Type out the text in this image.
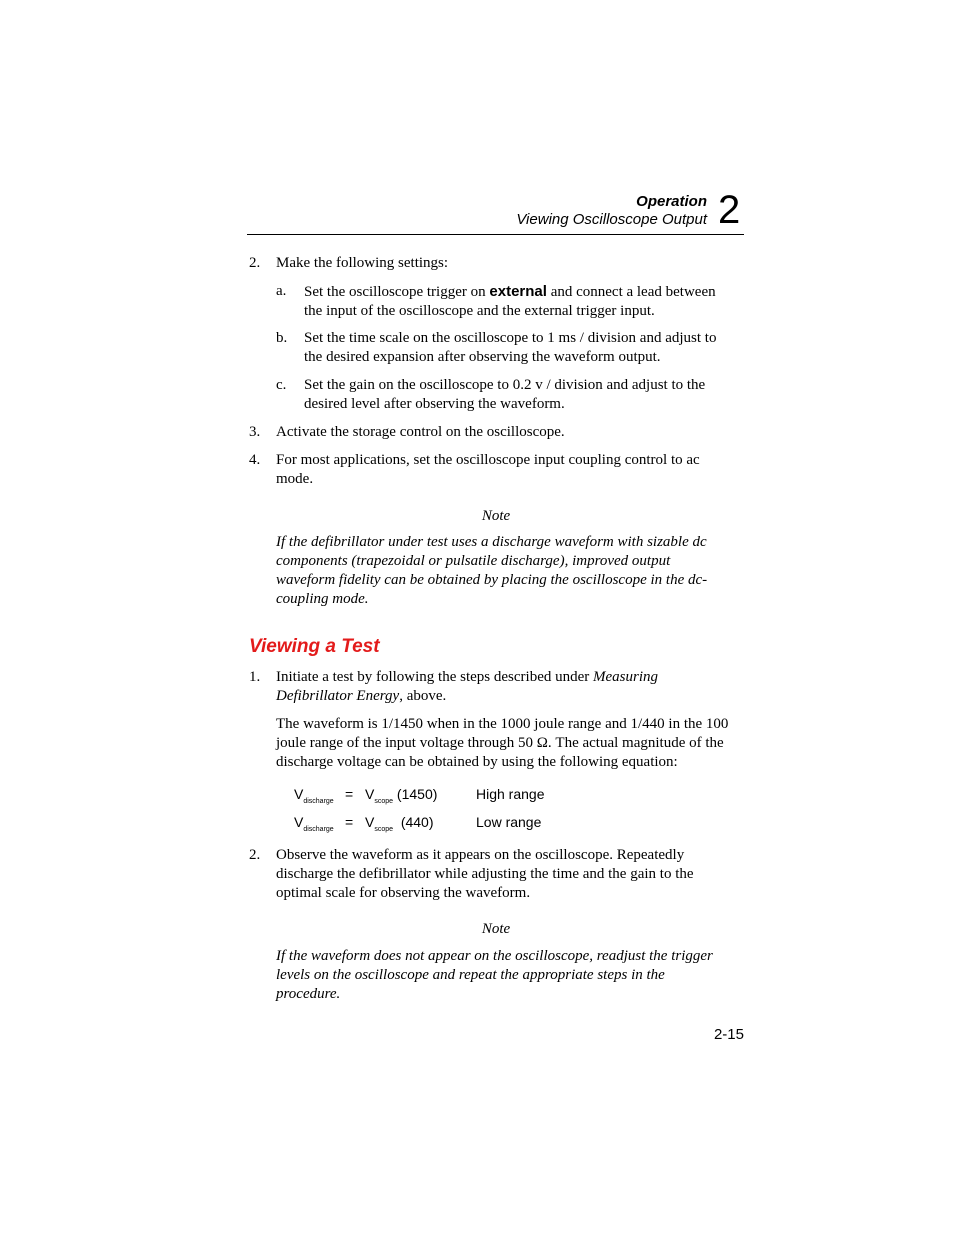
Operation
Viewing Oscilloscope Output 2
2.	Make the following settings:
a.	Set the oscilloscope trigger on external and connect a lead between the input of the oscilloscope and the external trigger input.
b.	Set the time scale on the oscilloscope to 1 ms / division and adjust to the desired expansion after observing the waveform output.
c.	Set the gain on the oscilloscope to 0.2 v / division and adjust to the desired level after observing the waveform.
3.	Activate the storage control on the oscilloscope.
4.	For most applications, set the oscilloscope input coupling control to ac mode.
Note
If the defibrillator under test uses a discharge waveform with sizable dc components (trapezoidal or pulsatile discharge), improved output waveform fidelity can be obtained by placing the oscilloscope in the dc-coupling mode.
Viewing a Test
1.	Initiate a test by following the steps described under Measuring Defibrillator Energy, above.
The waveform is 1/1450 when in the 1000 joule range and 1/440 in the 100 joule range of the input voltage through 50 Ω. The actual magnitude of the discharge voltage can be obtained by using the following equation:
$V_{discharge} = V_{scope}$ (1450)	High range
$V_{discharge} = V_{scope}$ (440)	Low range
2.	Observe the waveform as it appears on the oscilloscope. Repeatedly discharge the defibrillator while adjusting the time and the gain to the optimal scale for observing the waveform.
Note
If the waveform does not appear on the oscilloscope, readjust the trigger levels on the oscilloscope and repeat the appropriate steps in the procedure.
2-15
